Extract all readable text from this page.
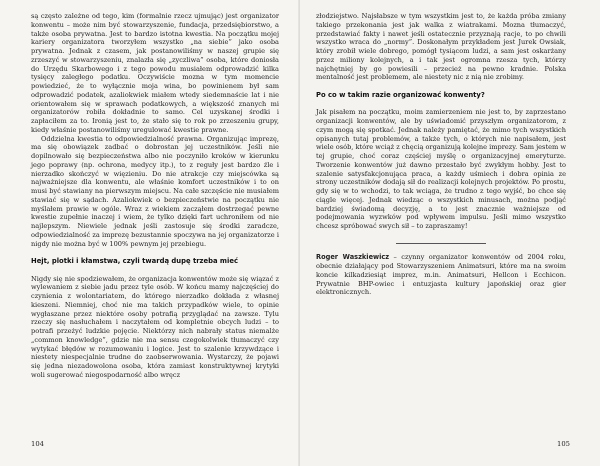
są często zależne od tego, kim (formalnie rzecz ujmując) jest organizator konwentu – może nim być stowarzyszenie, fundacja, przedsiębiorstwo, a także osoba prywatna. Jest to bardzo istotna kwestia. Na początku mojej kariery organizatora tworzyłem wszystko „na siebie” jako osoba prywatna. Jednak z czasem, jak postanowiliśmy w naszej grupie się zrzeszyć w stowarzyszeniu, znalazła się „zyczliwa” osoba, które doniosła do Urzędu Skarbowego i z tego powodu musiałem odprowadzić kilka tysięcy zaległego podatku. Oczywiście mozna w tym momencie powiedzieć, że to wyłącznie moja wina, bo powinienem był sam odprowadzić podatek, azaliokwiek miałem wtedy siedemnaście lat i nie orientowałem się w sprawach podatkowych, a większość znanych mi organizatorów robiła dokładnie to samo. Cel uzyskanej środki i zapłaciłem za to. Ironią jest to, że stało się to rok po zrzeszeniu grupy, kiedy właśnie postanowiliśmy uregulować kwestie prawne.

Oddzielna kwestia to odpowiedzialność prawna. Organizując imprezę, ma się obowiązek zadbać o dobrostan jej uczestników. Jeśli nie dopilnowało się bezpieczeństwa albo nie poczyniło kroków w kierunku jego poprawy (np. ochrona, medycy itp.), to z reguły jest bardzo źle i nierzadko skończyć w więzieniu. Do nie atrakcje czy miejscówka są najważniejsze dla konwentu, ale właśnie komfort uczestników i to on musi być stawiany na pierwszym miejscu. Na całe szczęście nie musiałem stawiać się w sądach. Azaliokwiek o bezpieczeństwie na początku nie myślałem prawie w ogóle. Wraz z wiekiem zacząłem dostrzegać pewne kwestie zupełnie inaczej i wiem, że tylko dzięki fart uchroniłem od nie najlepszym. Niewiele jednak jeśli zastosuje się środki zaradcze, odpowiedzialność za imprezę bezustannie spoczywa na jej organizatorze i nigdy nie można być w 100% pewnym jej przebiegu.

Hejt, plotki i kłamstwa, czyli twardą dupę trzeba mieć

Nigdy się nie spodziewałem, że organizacja konwentów może się wiązać z wylewaniem z siebie jadu przez tyle osób. W końcu mamy najczęściej do czynienia z wolontariatem, do którego nierzadko dokłada z własnej kieszeni. Niemniej, choć nie ma takich przypadków wiele, to opinie wygłaszane przez niektóre osoby potrafią przyglądać na zawsze. Tylu rzeczy się nasłuchałem i naczytałem od kompletnie obcych ludzi – to potrafi przeżyć ludzkie pojęcie. Niektórzy nich nabrały status niemalże „common knowledge”, gdzie nie ma sensu czegokolwiek tłumaczyć czy wytykać błędów w rozumowaniu i logice. Jest to szalenie krzywdzące i niestety niespecjalnie trudne do zaobserwowania. Wystarczy, że pojawi się jedna niezadowolona osoba, która zamiast konstruktywnej krytyki woli sugerować niegospodarność albo wręcz

104

złodziejstwo. Najsłabsze w tym wszystkim jest to, że każda próba zmiany takiego przekonania jest jak walka z wiatrakami. Mozna tłumaczyć, przedstawiać fakty i nawet jeśli ostatecznie przyznają racje, to po chwili wszystko wraca do „normy”. Doskonałym przykładem jest Jurek Owsiak, który zrobił wiele dobrego, pomógł tysiącom ludzi, a sam jest oskarżany przez miliony kolejnych, a i tak jest ogromna rzesza tych, którzy najchętniej by go powiesili – przecież na pewno kradnie. Polska mentalność jest problemem, ale niestety nic z nią nie zrobimy.

Po co w takim razie organizować konwenty?

Jak pisałem na początku, moim zamierzeniem nie jest to, by zaprzestano organizacji konwentów, ale by uświadomić przyszłym organizatorom, z czym mogą się spotkać. Jednak należy pamiętać, że mimo tych wszystkich opisanych tutaj problemów, a także tych, o których nie napisałem, jest wiele osób, które wciąż z chęcią organizują kolejne imprezy. Sam jestem w tej grupie, choć coraz częściej myślę o organizacyjnej emeryturze. Tworzenie konwentów już dawno przestało być zwykłym hobby. Jest to szalenie satysfakcjonująca praca, a każdy uśmiech i dobra opinia ze strony uczestników dodają sił do realizacji kolejnych projektów. Po prostu, gdy się w to wchodzi, to tak wciąga, że trudno z tego wyjść, bo chce się ciągle więcej. Jednak wiedząc o wszystkich minusach, można podjąć bardziej świadomą decyzję, a to jest znacznie ważniejsze od podejmowania wyzwków pod wpływem impulsu. Jeśli mimo wszystko chcesz spróbować swych sił – to zapraszamy!

Roger Waszkiewicz – czynny organizator konwentów od 2004 roku, obecnie działający pod Stowarzyszeniem Animatsuri, które ma na swoim koncie kilkadziesiąt imprez, m.in. Animatsuri, Hellcon i Ecchicon. Prywatnie BHP-owiec i entuzjasta kultury japońskiej oraz gier elektronicznych.

105
